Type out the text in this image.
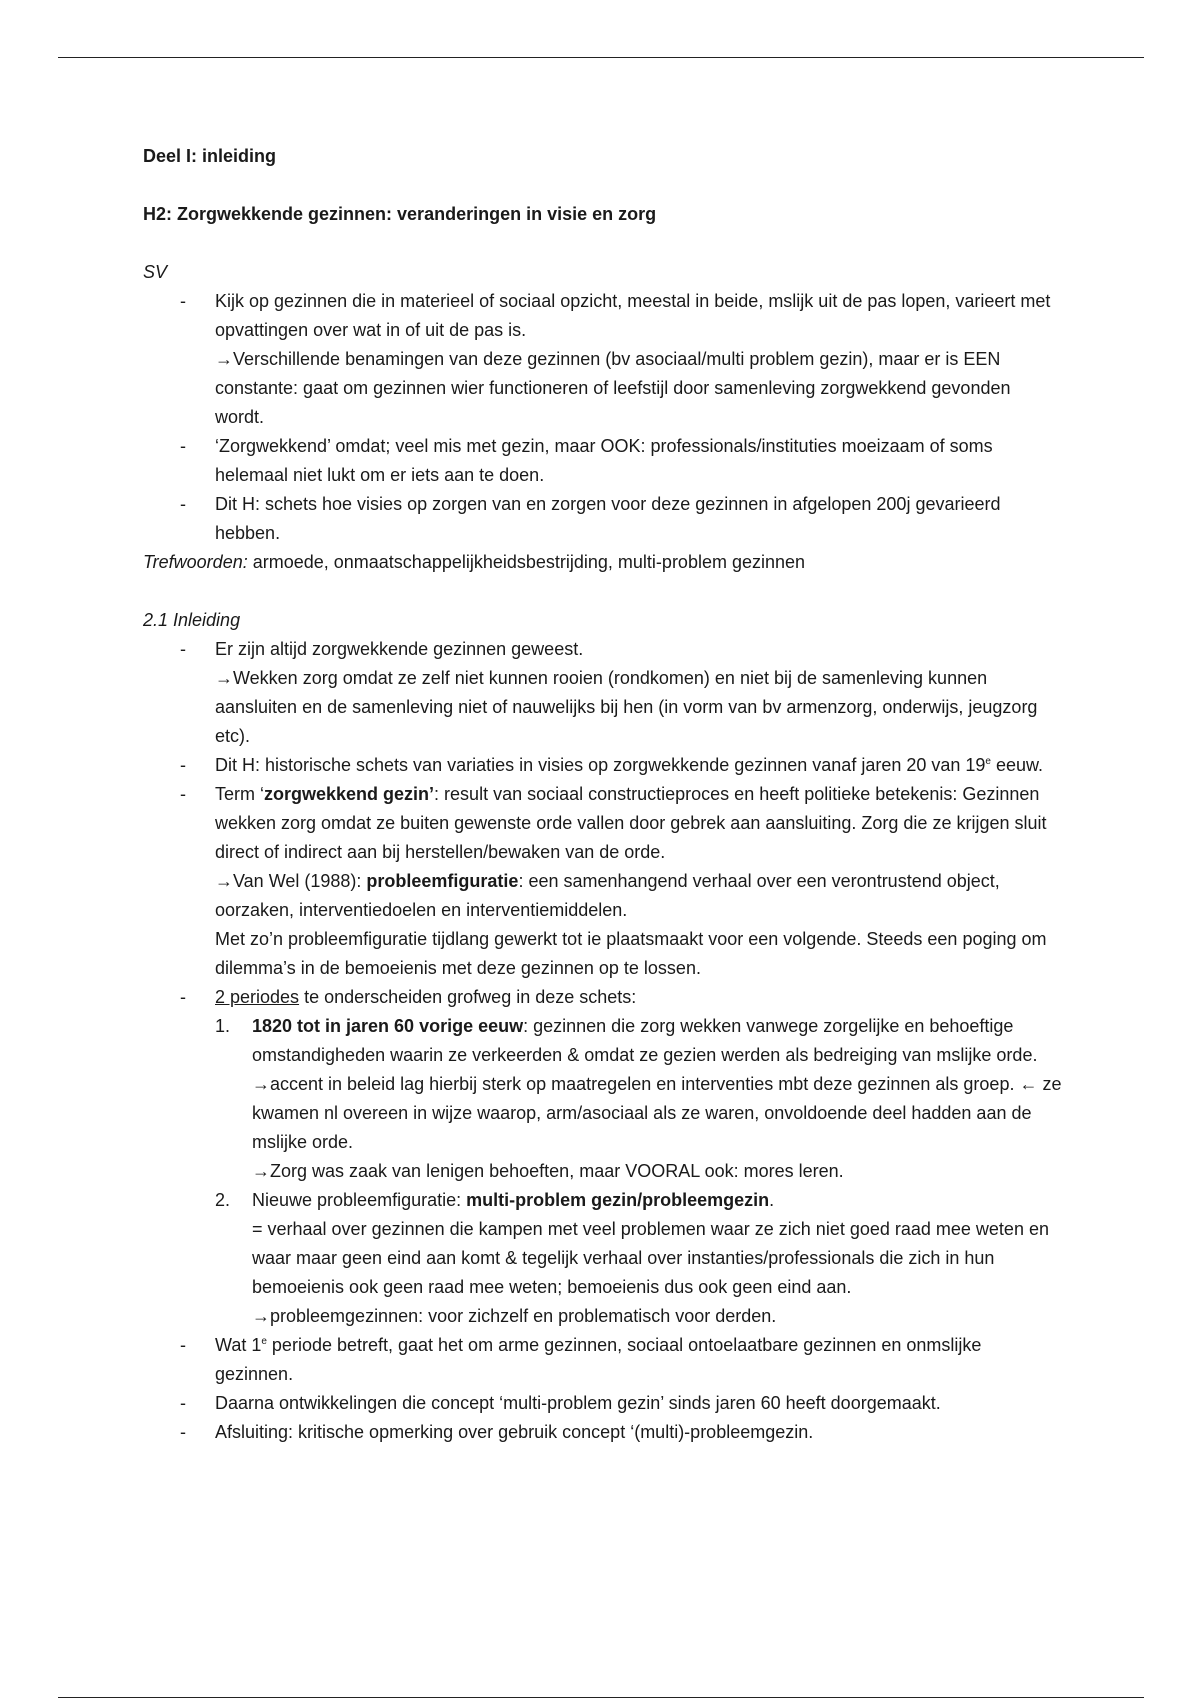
Deel I: inleiding

H2: Zorgwekkende gezinnen: veranderingen in visie en zorg

SV

- Kijk op gezinnen die in materieel of sociaal opzicht, meestal in beide, mslijk uit de pas lopen, varieert met opvattingen over wat in of uit de pas is.
→Verschillende benamingen van deze gezinnen (bv asociaal/multi problem gezin), maar er is EEN constante: gaat om gezinnen wier functioneren of leefstijl door samenleving zorgwekkend gevonden wordt.
- ‘Zorgwekkend’ omdat; veel mis met gezin, maar OOK: professionals/instituties moeizaam of soms helemaal niet lukt om er iets aan te doen.
- Dit H: schets hoe visies op zorgen van en zorgen voor deze gezinnen in afgelopen 200j gevarieerd hebben.

Trefwoorden: armoede, onmaatschappelijkheidsbestrijding, multi-problem gezinnen

2.1 Inleiding

- Er zijn altijd zorgwekkende gezinnen geweest.
→Wekken zorg omdat ze zelf niet kunnen rooien (rondkomen) en niet bij de samenleving kunnen aansluiten en de samenleving niet of nauwelijks bij hen (in vorm van bv armenzorg, onderwijs, jeugzorg etc).
- Dit H: historische schets van variaties in visies op zorgwekkende gezinnen vanaf jaren 20 van 19e eeuw.
- Term ‘zorgwekkend gezin’: result van sociaal constructieproces en heeft politieke betekenis: Gezinnen wekken zorg omdat ze buiten gewenste orde vallen door gebrek aan aansluiting. Zorg die ze krijgen sluit direct of indirect aan bij herstellen/bewaken van de orde.
→Van Wel (1988): probleemfiguratie: een samenhangend verhaal over een verontrustend object, oorzaken, interventiedoelen en interventiemiddelen.
Met zo’n probleemfiguratie tijdlang gewerkt tot ie plaatsmaakt voor een volgende. Steeds een poging om dilemma’s in de bemoeienis met deze gezinnen op te lossen.
- 2 periodes te onderscheiden grofweg in deze schets:
1. 1820 tot in jaren 60 vorige eeuw: gezinnen die zorg wekken vanwege zorgelijke en behoeftige omstandigheden waarin ze verkeerden & omdat ze gezien werden als bedreiging van mslijke orde.
→accent in beleid lag hierbij sterk op maatregelen en interventies mbt deze gezinnen als groep. ← ze kwamen nl overeen in wijze waarop, arm/asociaal als ze waren, onvoldoende deel hadden aan de mslijke orde.
→Zorg was zaak van lenigen behoeften, maar VOORAL ook: mores leren.
2. Nieuwe probleemfiguratie: multi-problem gezin/probleemgezin.
= verhaal over gezinnen die kampen met veel problemen waar ze zich niet goed raad mee weten en waar maar geen eind aan komt & tegelijk verhaal over instanties/professionals die zich in hun bemoeienis ook geen raad mee weten; bemoeienis dus ook geen eind aan.
→probleemgezinnen: voor zichzelf en problematisch voor derden.
- Wat 1e periode betreft, gaat het om arme gezinnen, sociaal ontoelaatbare gezinnen en onmslijke gezinnen.
- Daarna ontwikkelingen die concept ‘multi-problem gezin’ sinds jaren 60 heeft doorgemaakt.
- Afsluiting: kritische opmerking over gebruik concept ‘(multi)-probleemgezin.
